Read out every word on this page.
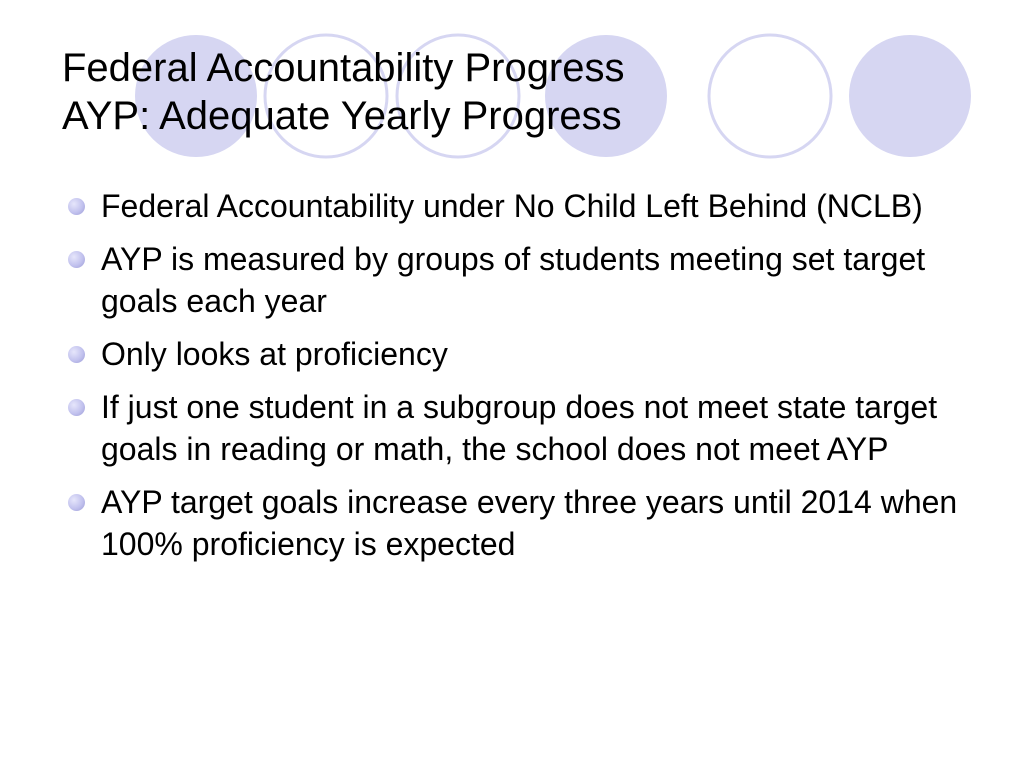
Federal Accountability Progress
AYP: Adequate Yearly Progress
Federal Accountability under No Child Left Behind (NCLB)
AYP is measured by groups of students meeting set target goals each year
Only looks at proficiency
If just one student in a subgroup does not meet state target goals in reading or math, the school does not meet AYP
AYP target goals increase every three years until 2014 when 100% proficiency is expected
